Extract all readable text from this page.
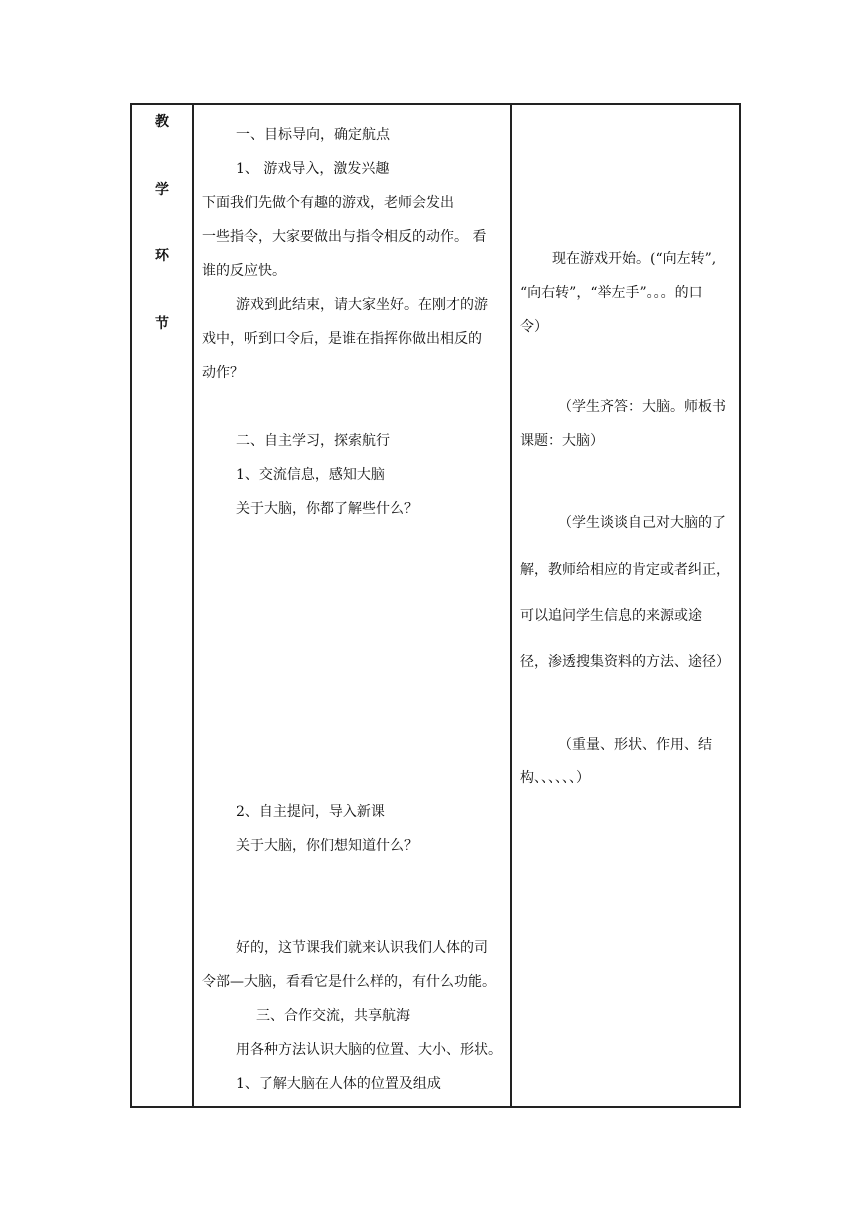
教
学
环
节
一、目标导向，确定航点
1、 游戏导入，激发兴趣
下面我们先做个有趣的游戏，老师会发出
一些指令，大家要做出与指令相反的动作。 看
谁的反应快。
游戏到此结束，请大家坐好。在刚才的游
戏中，听到口令后，是谁在指挥你做出相反的
动作？
二、自主学习，探索航行
1、交流信息，感知大脑
关于大脑，你都了解些什么？
2、自主提问，导入新课
关于大脑，你们想知道什么？
好的，这节课我们就来认识我们人体的司
令部—大脑，看看它是什么样的，有什么功能。
三、合作交流，共享航海
用各种方法认识大脑的位置、大小、形状。
1、了解大脑在人体的位置及组成
现在游戏开始。(“向左转”,
“向右转”，“举左手”。。。的口
令）
（学生齐答：大脑。师板书
课题：大脑）
（学生谈谈自己对大脑的了
解，教师给相应的肯定或者纠正，
可以追问学生信息的来源或途
径，渗透搜集资料的方法、途径）
（重量、形状、作用、结
构、、、、、、）
